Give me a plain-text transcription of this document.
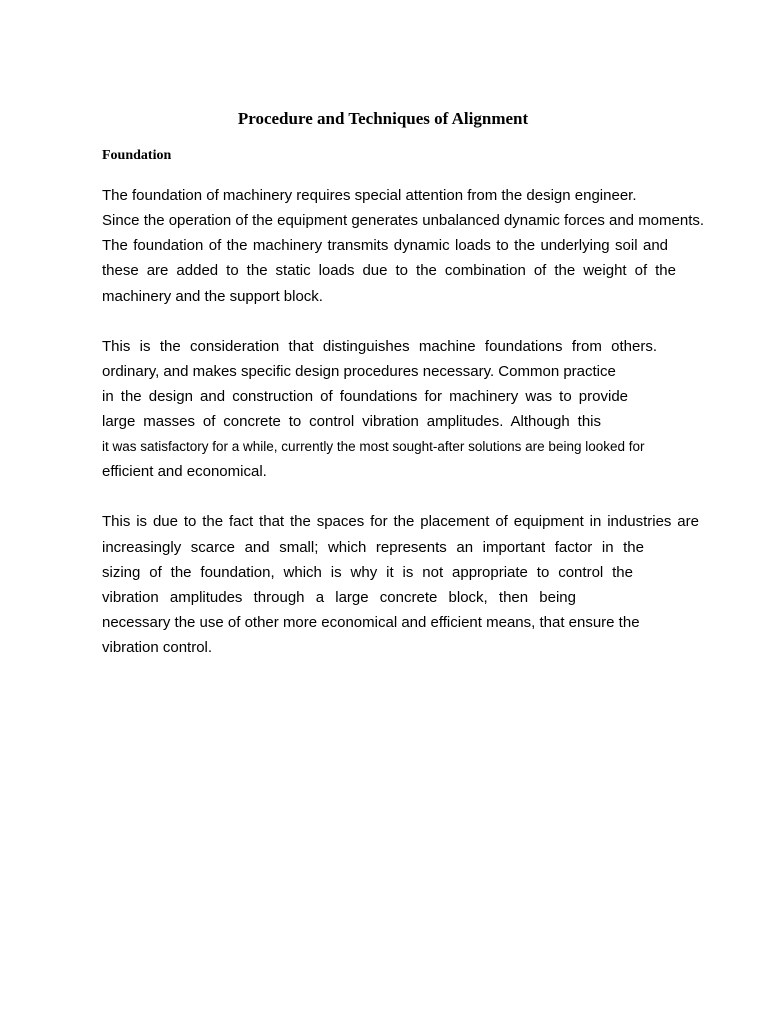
Procedure and Techniques of Alignment
Foundation
The foundation of machinery requires special attention from the design engineer.
Since the operation of the equipment generates unbalanced dynamic forces and moments.
The foundation of the machinery transmits dynamic loads to the underlying soil and
these are added to the static loads due to the combination of the weight of the
machinery and the support block.
This is the consideration that distinguishes machine foundations from others.
ordinary, and makes specific design procedures necessary. Common practice
in the design and construction of foundations for machinery was to provide
large masses of concrete to control vibration amplitudes. Although this
it was satisfactory for a while, currently the most sought-after solutions are being looked for
efficient and economical.
This is due to the fact that the spaces for the placement of equipment in industries are
increasingly scarce and small; which represents an important factor in the
sizing of the foundation, which is why it is not appropriate to control the
vibration amplitudes through a large concrete block, then being
necessary the use of other more economical and efficient means, that ensure the
vibration control.
